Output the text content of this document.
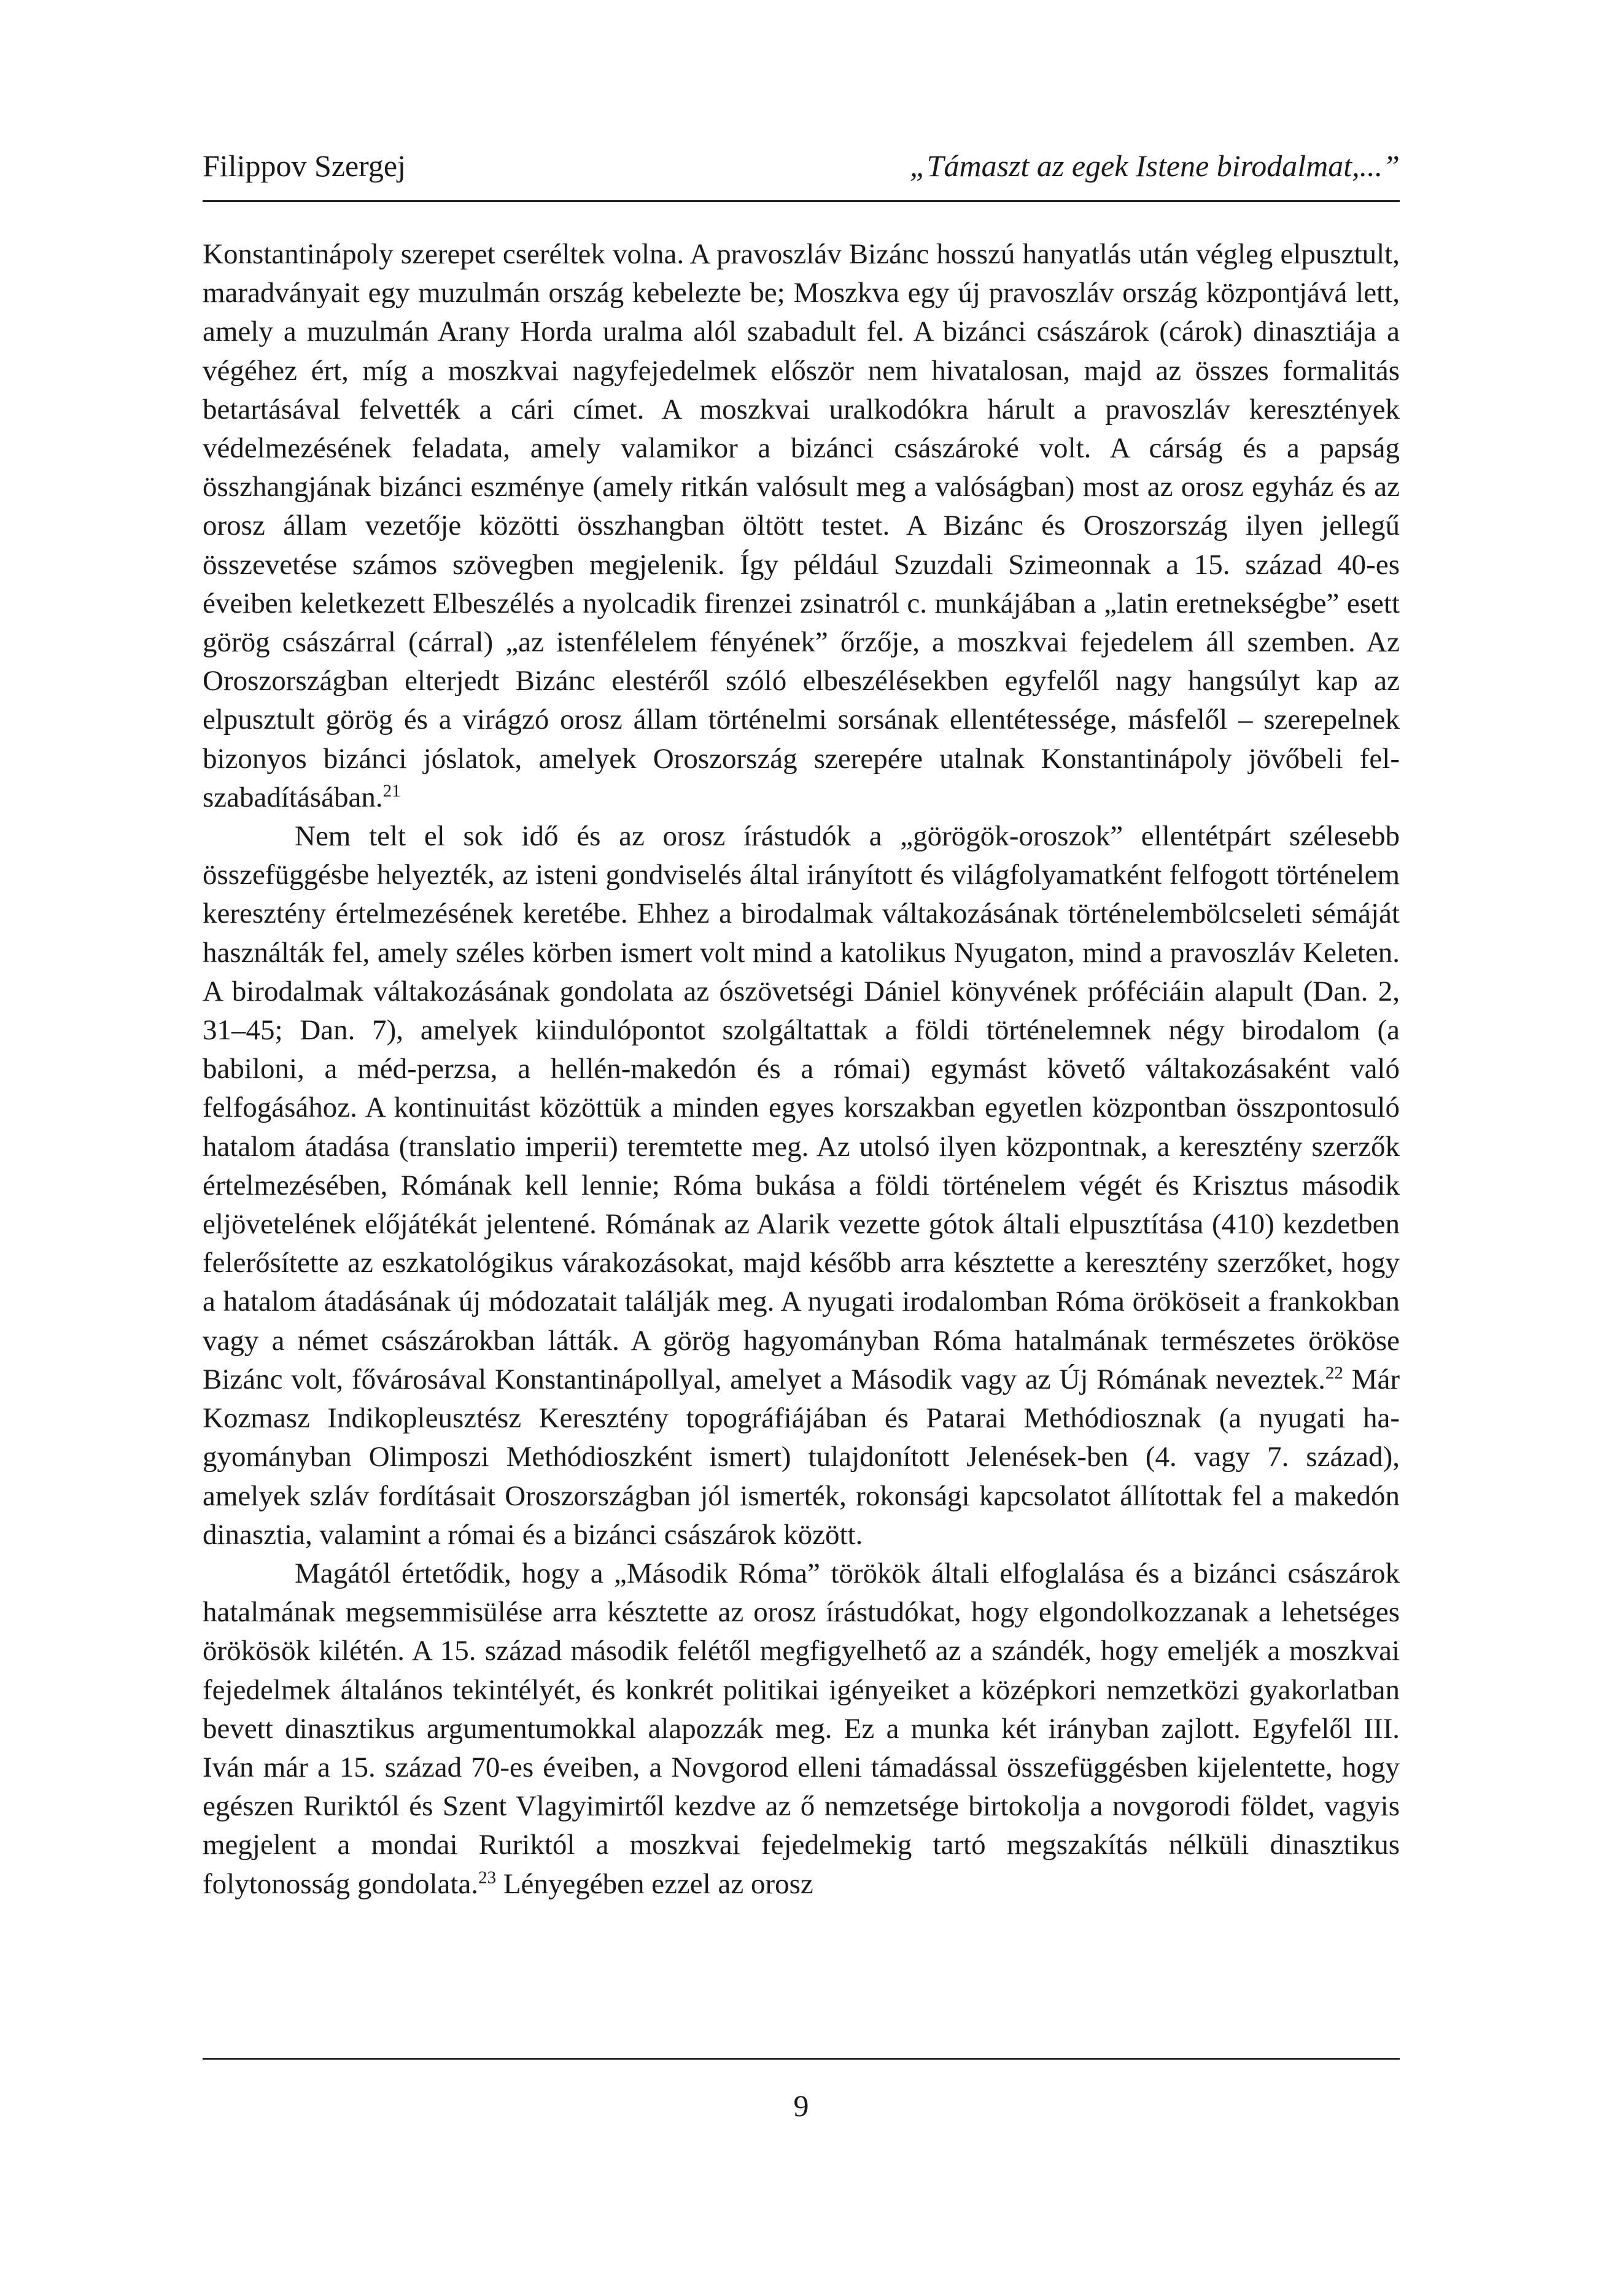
Filippov Szergej	„Támaszt az egek Istene birodalmat,...”

Konstantinápoly szerepet cseréltek volna. A pravoszláv Bizánc hosszú hanyatlás után végleg elpusztult, maradványait egy muzulmán ország kebelezte be; Moszkva egy új pravoszláv ország központjává lett, amely a muzulmán Arany Horda uralma alól szabadult fel. A bizánci császárok (cárok) dinasztiája a végéhez ért, míg a moszkvai nagyfejedelmek először nem hivatalosan, majd az összes formalitás betartásával felvették a cári címet. A moszkvai uralkodókra hárult a pravoszláv keresztények védelmezésének feladata, amely valamikor a bizánci császároké volt. A cárság és a papság összhangjának bizánci eszménye (amely ritkán valósult meg a valóságban) most az orosz egyház és az orosz állam vezetője közötti összhangban öltött testet. A Bizánc és Oroszország ilyen jellegű összevetése számos szövegben megjelenik. Így például Szuzdali Szimeonnak a 15. század 40-es éveiben keletkezett Elbeszélés a nyolcadik firenzei zsinatról c. munkájában a „latin eretnekségbe” esett görög császárral (cárral) „az istenfélelem fényének” őrzője, a moszkvai fejedelem áll szemben. Az Oroszországban elterjedt Bizánc elestéről szóló elbeszélésekben egyfelől nagy hangsúlyt kap az elpusztult görög és a virágzó orosz állam történelmi sorsának ellentétessége, másfelől – szerepelnek bizonyos bizánci jóslatok, amelyek Oroszország szerepére utalnak Konstantinápoly jövőbeli felszabadításában.$^{21}$

Nem telt el sok idő és az orosz írástudók a „görögök-oroszok” ellentétpárt szélesebb összefüggésbe helyezték, az isteni gondviselés által irányított és világfolyamatként felfogott történelem keresztény értelmezésének keretébe. Ehhez a birodalmak váltakozásának történelembölcseleti sémáját használták fel, amely széles körben ismert volt mind a katolikus Nyugaton, mind a pravoszláv Keleten. A birodalmak váltakozásának gondolata az ószövetségi Dániel könyvének próféciáin alapult (Dan. 2, 31–45; Dan. 7), amelyek kiindulópontot szolgáltattak a földi történelemnek négy birodalom (a babiloni, a méd-perzsa, a hellén-makedón és a római) egymást követő váltakozásaként való felfogásához. A kontinuitást közöttük a minden egyes korszakban egyetlen központban összpontosuló hatalom átadása (translatio imperii) teremtette meg. Az utolsó ilyen központnak, a keresztény szerzők értelmezésében, Rómának kell lennie; Róma bukása a földi történelem végét és Krisztus második eljövetelének előjátékát jelentené. Rómának az Alarik vezette gótok általi elpusztítása (410) kezdetben felerősítette az eszkatológikus várakozásokat, majd később arra késztette a keresztény szerzőket, hogy a hatalom átadásának új módozatait találják meg. A nyugati irodalomban Róma örököseit a frankokban vagy a német császárokban látták. A görög hagyományban Róma hatalmának természetes örököse Bizánc volt, fővárosával Konstantinápollyal, amelyet a Második vagy az Új Rómának neveztek.$^{22}$ Már Kozmasz Indikopleusztész Keresztény topográfiájában és Patarai Methódiosznak (a nyugati hagyományban Olimposzi Methódioszként ismert) tulajdonított Jelenések-ben (4. vagy 7. század), amelyek szláv fordításait Oroszországban jól ismerték, rokonsági kapcsolatot állítottak fel a makedón dinasztia, valamint a római és a bizánci császárok között.

Magától értetődik, hogy a „Második Róma” törökök általi elfoglalása és a bizánci császárok hatalmának megsemmisülése arra késztette az orosz írástudókat, hogy elgondolkozzanak a lehetséges örökösök kilétén. A 15. század második felétől megfigyelhető az a szándék, hogy emeljék a moszkvai fejedelmek általános tekintélyét, és konkrét politikai igényeiket a középkori nemzetközi gyakorlatban bevett dinasztikus argumentumokkal alapozzák meg. Ez a munka két irányban zajlott. Egyfelől III. Iván már a 15. század 70-es éveiben, a Novgorod elleni támadással összefüggésben kijelentette, hogy egészen Ruriktól és Szent Vlagyimirtől kezdve az ő nemzetsége birtokolja a novgorodi földet, vagyis megjelent a mondai Ruriktól a moszkvai fejedelmekig tartó megszakítás nélküli dinasztikus folytonosság gondolata.$^{23}$ Lényegében ezzel az orosz

9
